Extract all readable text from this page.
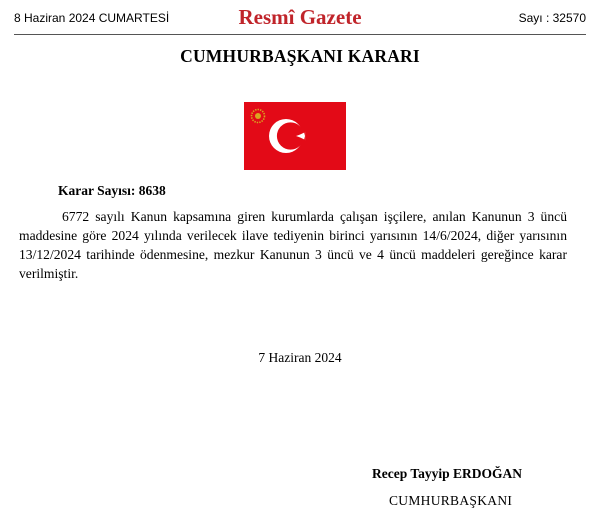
8 Haziran 2024 CUMARTESİ	Resmî Gazete	Sayı : 32570
CUMHURBAŞKANI KARARI
Karar Sayısı: 8638

6772 sayılı Kanun kapsamına giren kurumlarda çalışan işçilere, anılan Kanunun 3 üncü maddesine göre 2024 yılında verilecek ilave tediyenin birinci yarısının 14/6/2024, diğer yarısının 13/12/2024 tarihinde ödenmesine, mezkur Kanunun 3 üncü ve 4 üncü maddeleri gereğince karar verilmiştir.

7 Haziran 2024
Recep Tayyip ERDOĞAN
CUMHURBAŞKANI
